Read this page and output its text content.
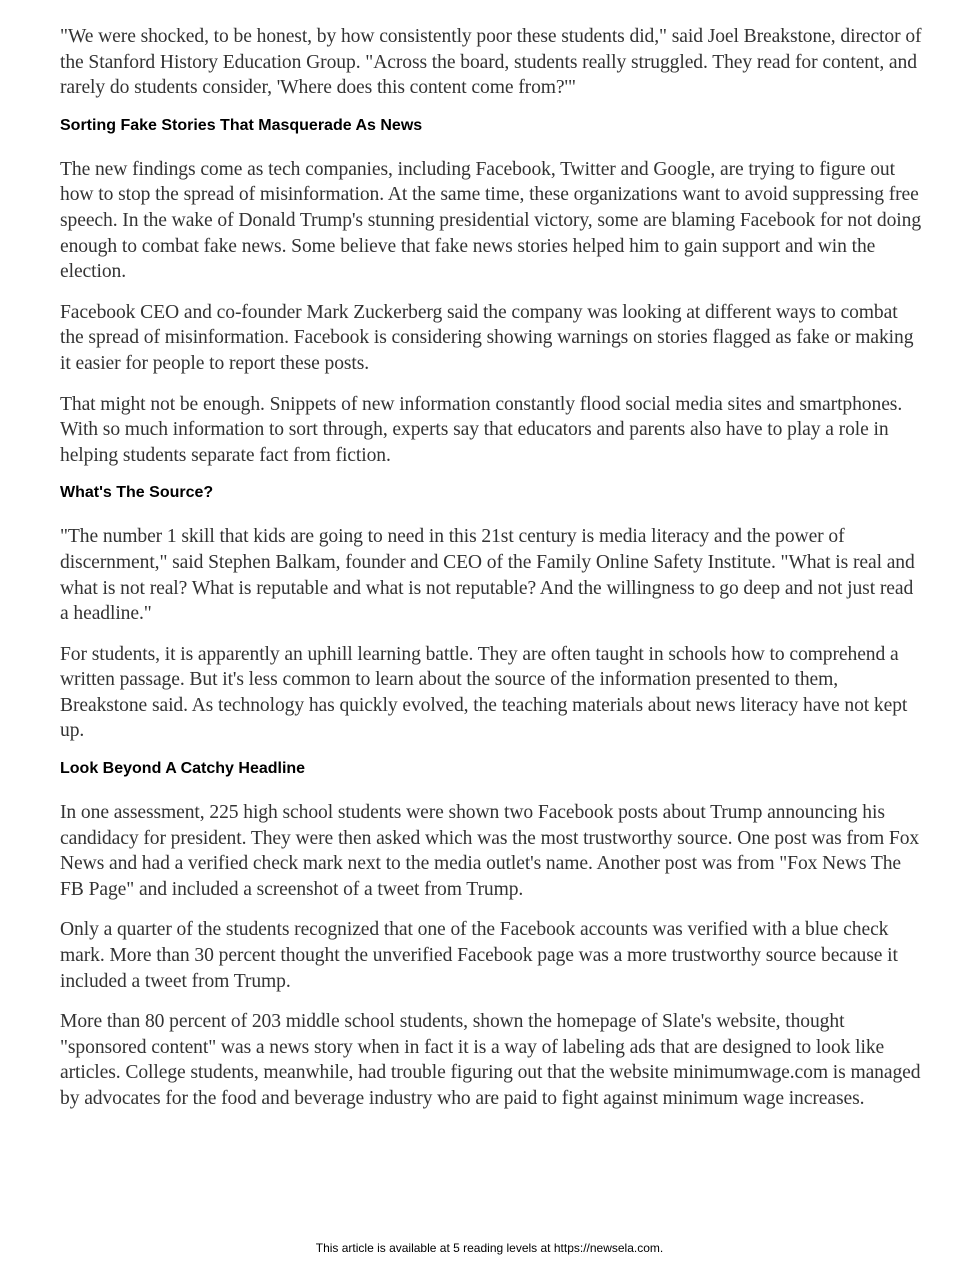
"We were shocked, to be honest, by how consistently poor these students did," said Joel Breakstone, director of the Stanford History Education Group. "Across the board, students really struggled. They read for content, and rarely do students consider, 'Where does this content come from?'"

Sorting Fake Stories That Masquerade As News

The new findings come as tech companies, including Facebook, Twitter and Google, are trying to figure out how to stop the spread of misinformation. At the same time, these organizations want to avoid suppressing free speech. In the wake of Donald Trump's stunning presidential victory, some are blaming Facebook for not doing enough to combat fake news. Some believe that fake news stories helped him to gain support and win the election.

Facebook CEO and co-founder Mark Zuckerberg said the company was looking at different ways to combat the spread of misinformation. Facebook is considering showing warnings on stories flagged as fake or making it easier for people to report these posts.

That might not be enough. Snippets of new information constantly flood social media sites and smartphones. With so much information to sort through, experts say that educators and parents also have to play a role in helping students separate fact from fiction.

What's The Source?

"The number 1 skill that kids are going to need in this 21st century is media literacy and the power of discernment," said Stephen Balkam, founder and CEO of the Family Online Safety Institute. "What is real and what is not real? What is reputable and what is not reputable? And the willingness to go deep and not just read a headline."

For students, it is apparently an uphill learning battle. They are often taught in schools how to comprehend a written passage. But it's less common to learn about the source of the information presented to them, Breakstone said. As technology has quickly evolved, the teaching materials about news literacy have not kept up.

Look Beyond A Catchy Headline

In one assessment, 225 high school students were shown two Facebook posts about Trump announcing his candidacy for president. They were then asked which was the most trustworthy source. One post was from Fox News and had a verified check mark next to the media outlet's name. Another post was from "Fox News The FB Page" and included a screenshot of a tweet from Trump.

Only a quarter of the students recognized that one of the Facebook accounts was verified with a blue check mark. More than 30 percent thought the unverified Facebook page was a more trustworthy source because it included a tweet from Trump.

More than 80 percent of 203 middle school students, shown the homepage of Slate's website, thought "sponsored content" was a news story when in fact it is a way of labeling ads that are designed to look like articles. College students, meanwhile, had trouble figuring out that the website minimumwage.com is managed by advocates for the food and beverage industry who are paid to fight against minimum wage increases.

This article is available at 5 reading levels at https://newsela.com.
